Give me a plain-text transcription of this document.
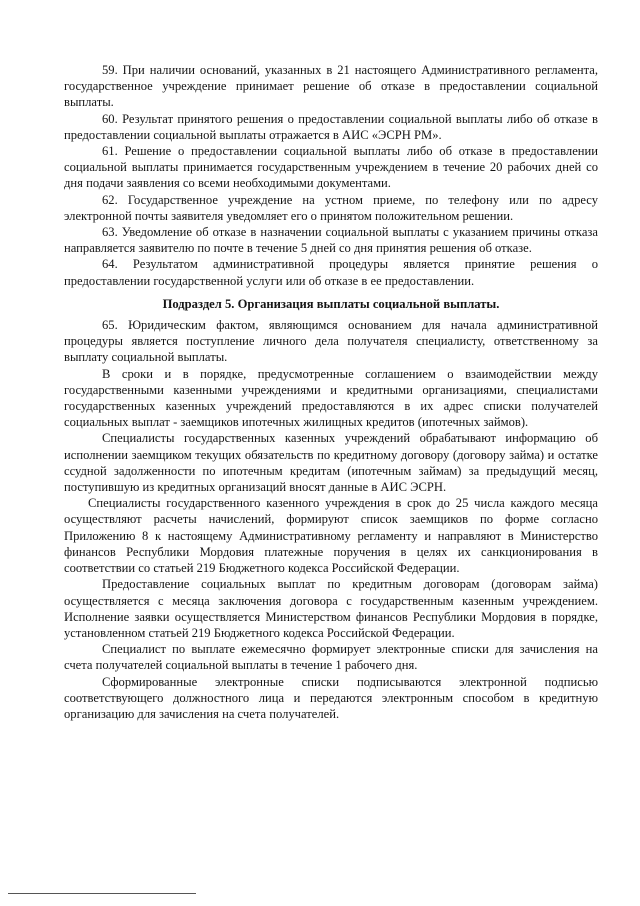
59. При наличии оснований, указанных в 21 настоящего Административного регламента, государственное учреждение принимает решение об отказе в предоставлении социальной выплаты.

60. Результат принятого решения о предоставлении социальной выплаты либо об отказе в предоставлении социальной выплаты отражается в АИС «ЭСРН РМ».

61. Решение о предоставлении социальной выплаты либо об отказе в предоставлении социальной выплаты принимается государственным учреждением в течение 20 рабочих дней со дня подачи заявления со всеми необходимыми документами.

62. Государственное учреждение на устном приеме, по телефону или по адресу электронной почты заявителя уведомляет его о принятом положительном решении.

63. Уведомление об отказе в назначении социальной выплаты с указанием причины отказа направляется заявителю по почте в течение 5 дней со дня принятия решения об отказе.

64. Результатом административной процедуры является принятие решения о предоставлении государственной услуги или об отказе в ее предоставлении.

Подраздел 5. Организация выплаты социальной выплаты.

65. Юридическим фактом, являющимся основанием для начала административной процедуры является поступление личного дела получателя специалисту, ответственному за выплату социальной выплаты.

В сроки и в порядке, предусмотренные соглашением о взаимодействии между государственными казенными учреждениями и кредитными организациями, специалистами государственных казенных учреждений предоставляются в их адрес списки получателей социальных выплат - заемщиков ипотечных жилищных кредитов (ипотечных займов).

Специалисты государственных казенных учреждений обрабатывают информацию об исполнении заемщиком текущих обязательств по кредитному договору (договору займа) и остатке ссудной задолженности по ипотечным кредитам (ипотечным займам) за предыдущий месяц, поступившую из кредитных организаций вносят данные в АИС ЭСРН.

Специалисты государственного казенного учреждения в срок до 25 числа каждого месяца осуществляют расчеты начислений, формируют список заемщиков по форме согласно Приложению 8 к настоящему Административному регламенту и направляют в Министерство финансов Республики Мордовия платежные поручения в целях их санкционирования в соответствии со статьей 219 Бюджетного кодекса Российской Федерации.

Предоставление социальных выплат по кредитным договорам (договорам займа) осуществляется с месяца заключения договора с государственным казенным учреждением. Исполнение заявки осуществляется Министерством финансов Республики Мордовия в порядке, установленном статьей 219 Бюджетного кодекса Российской Федерации.

Специалист по выплате ежемесячно формирует электронные списки для зачисления на счета получателей социальной выплаты в течение 1 рабочего дня.

Сформированные электронные списки подписываются электронной подписью соответствующего должностного лица и передаются электронным способом в кредитную организацию для зачисления на счета получателей.
